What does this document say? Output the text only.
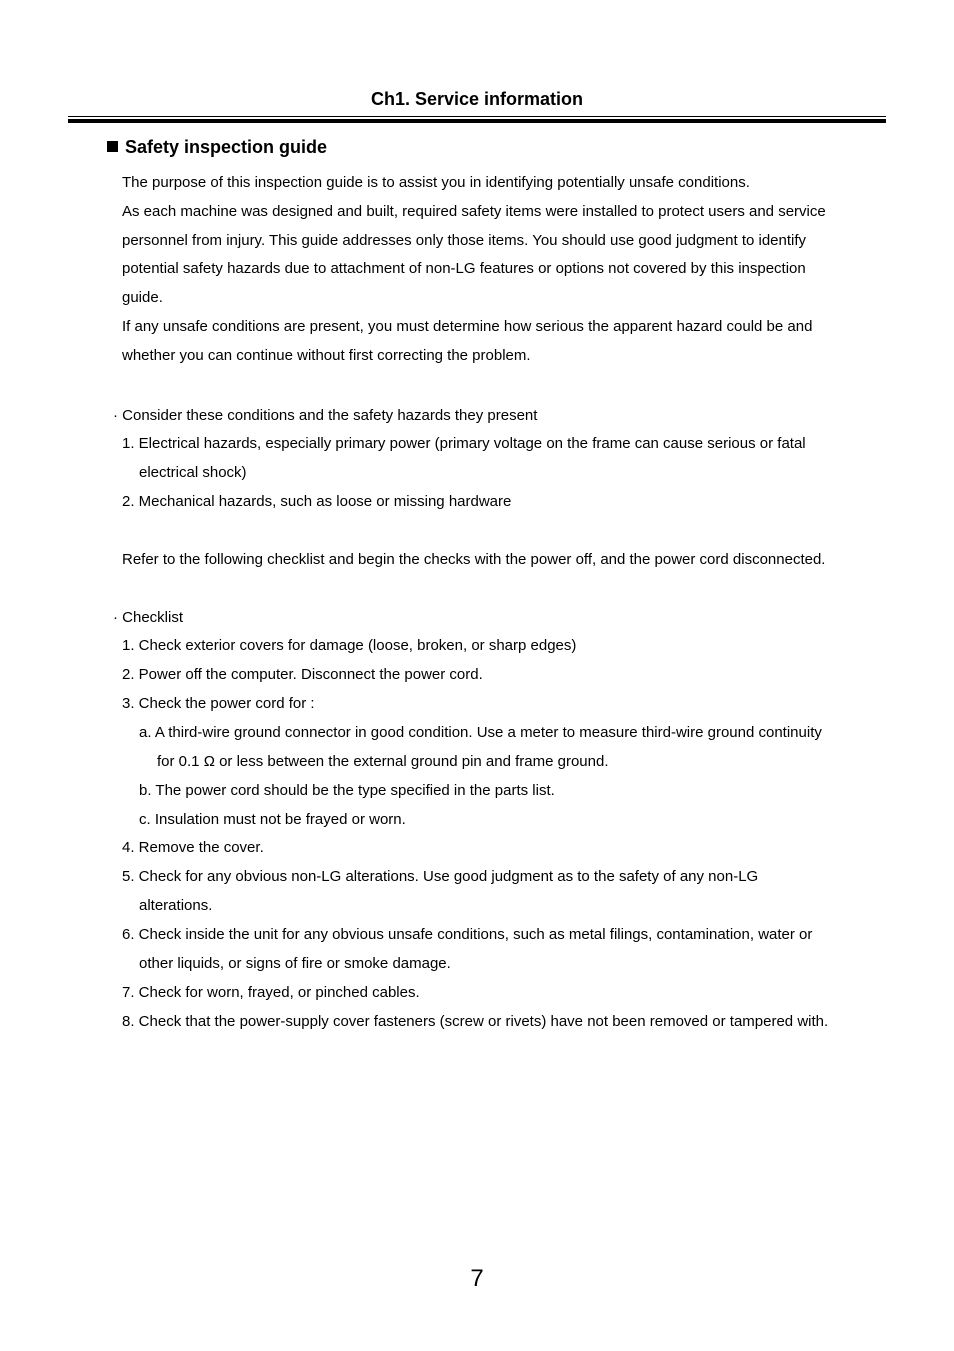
Ch1. Service information
Safety inspection guide
The purpose of this inspection guide is to assist you in identifying potentially unsafe conditions.
As each machine was designed and built, required safety items were installed to protect users and service
personnel from injury. This guide addresses only those items. You should use good judgment to identify
potential safety hazards due to attachment of non-LG features or options not covered by this inspection
guide.
If any unsafe conditions are present, you must determine how serious the apparent hazard could be and
whether you can continue without first correcting the problem.
· Consider these conditions and the safety hazards they present
1. Electrical hazards, especially primary power (primary voltage on the frame can cause serious or fatal
electrical shock)
2. Mechanical hazards, such as loose or missing hardware
Refer to the following checklist and begin the checks with the power off, and the power cord disconnected.
· Checklist
1. Check exterior covers for damage (loose, broken, or sharp edges)
2. Power off the computer. Disconnect the power cord.
3. Check the power cord for :
a. A third-wire ground connector in good condition. Use a meter to measure third-wire ground continuity
for 0.1 Ω or less between the external ground pin and frame ground.
b. The power cord should be the type specified in the parts list.
c. Insulation must not be frayed or worn.
4. Remove the cover.
5. Check for any obvious non-LG alterations. Use good judgment as to the safety of any non-LG
alterations.
6. Check inside the unit for any obvious unsafe conditions, such as metal filings, contamination, water or
other liquids, or signs of fire or smoke damage.
7. Check for worn, frayed, or pinched cables.
8. Check that the power-supply cover fasteners (screw or rivets) have not been removed or tampered with.
7
